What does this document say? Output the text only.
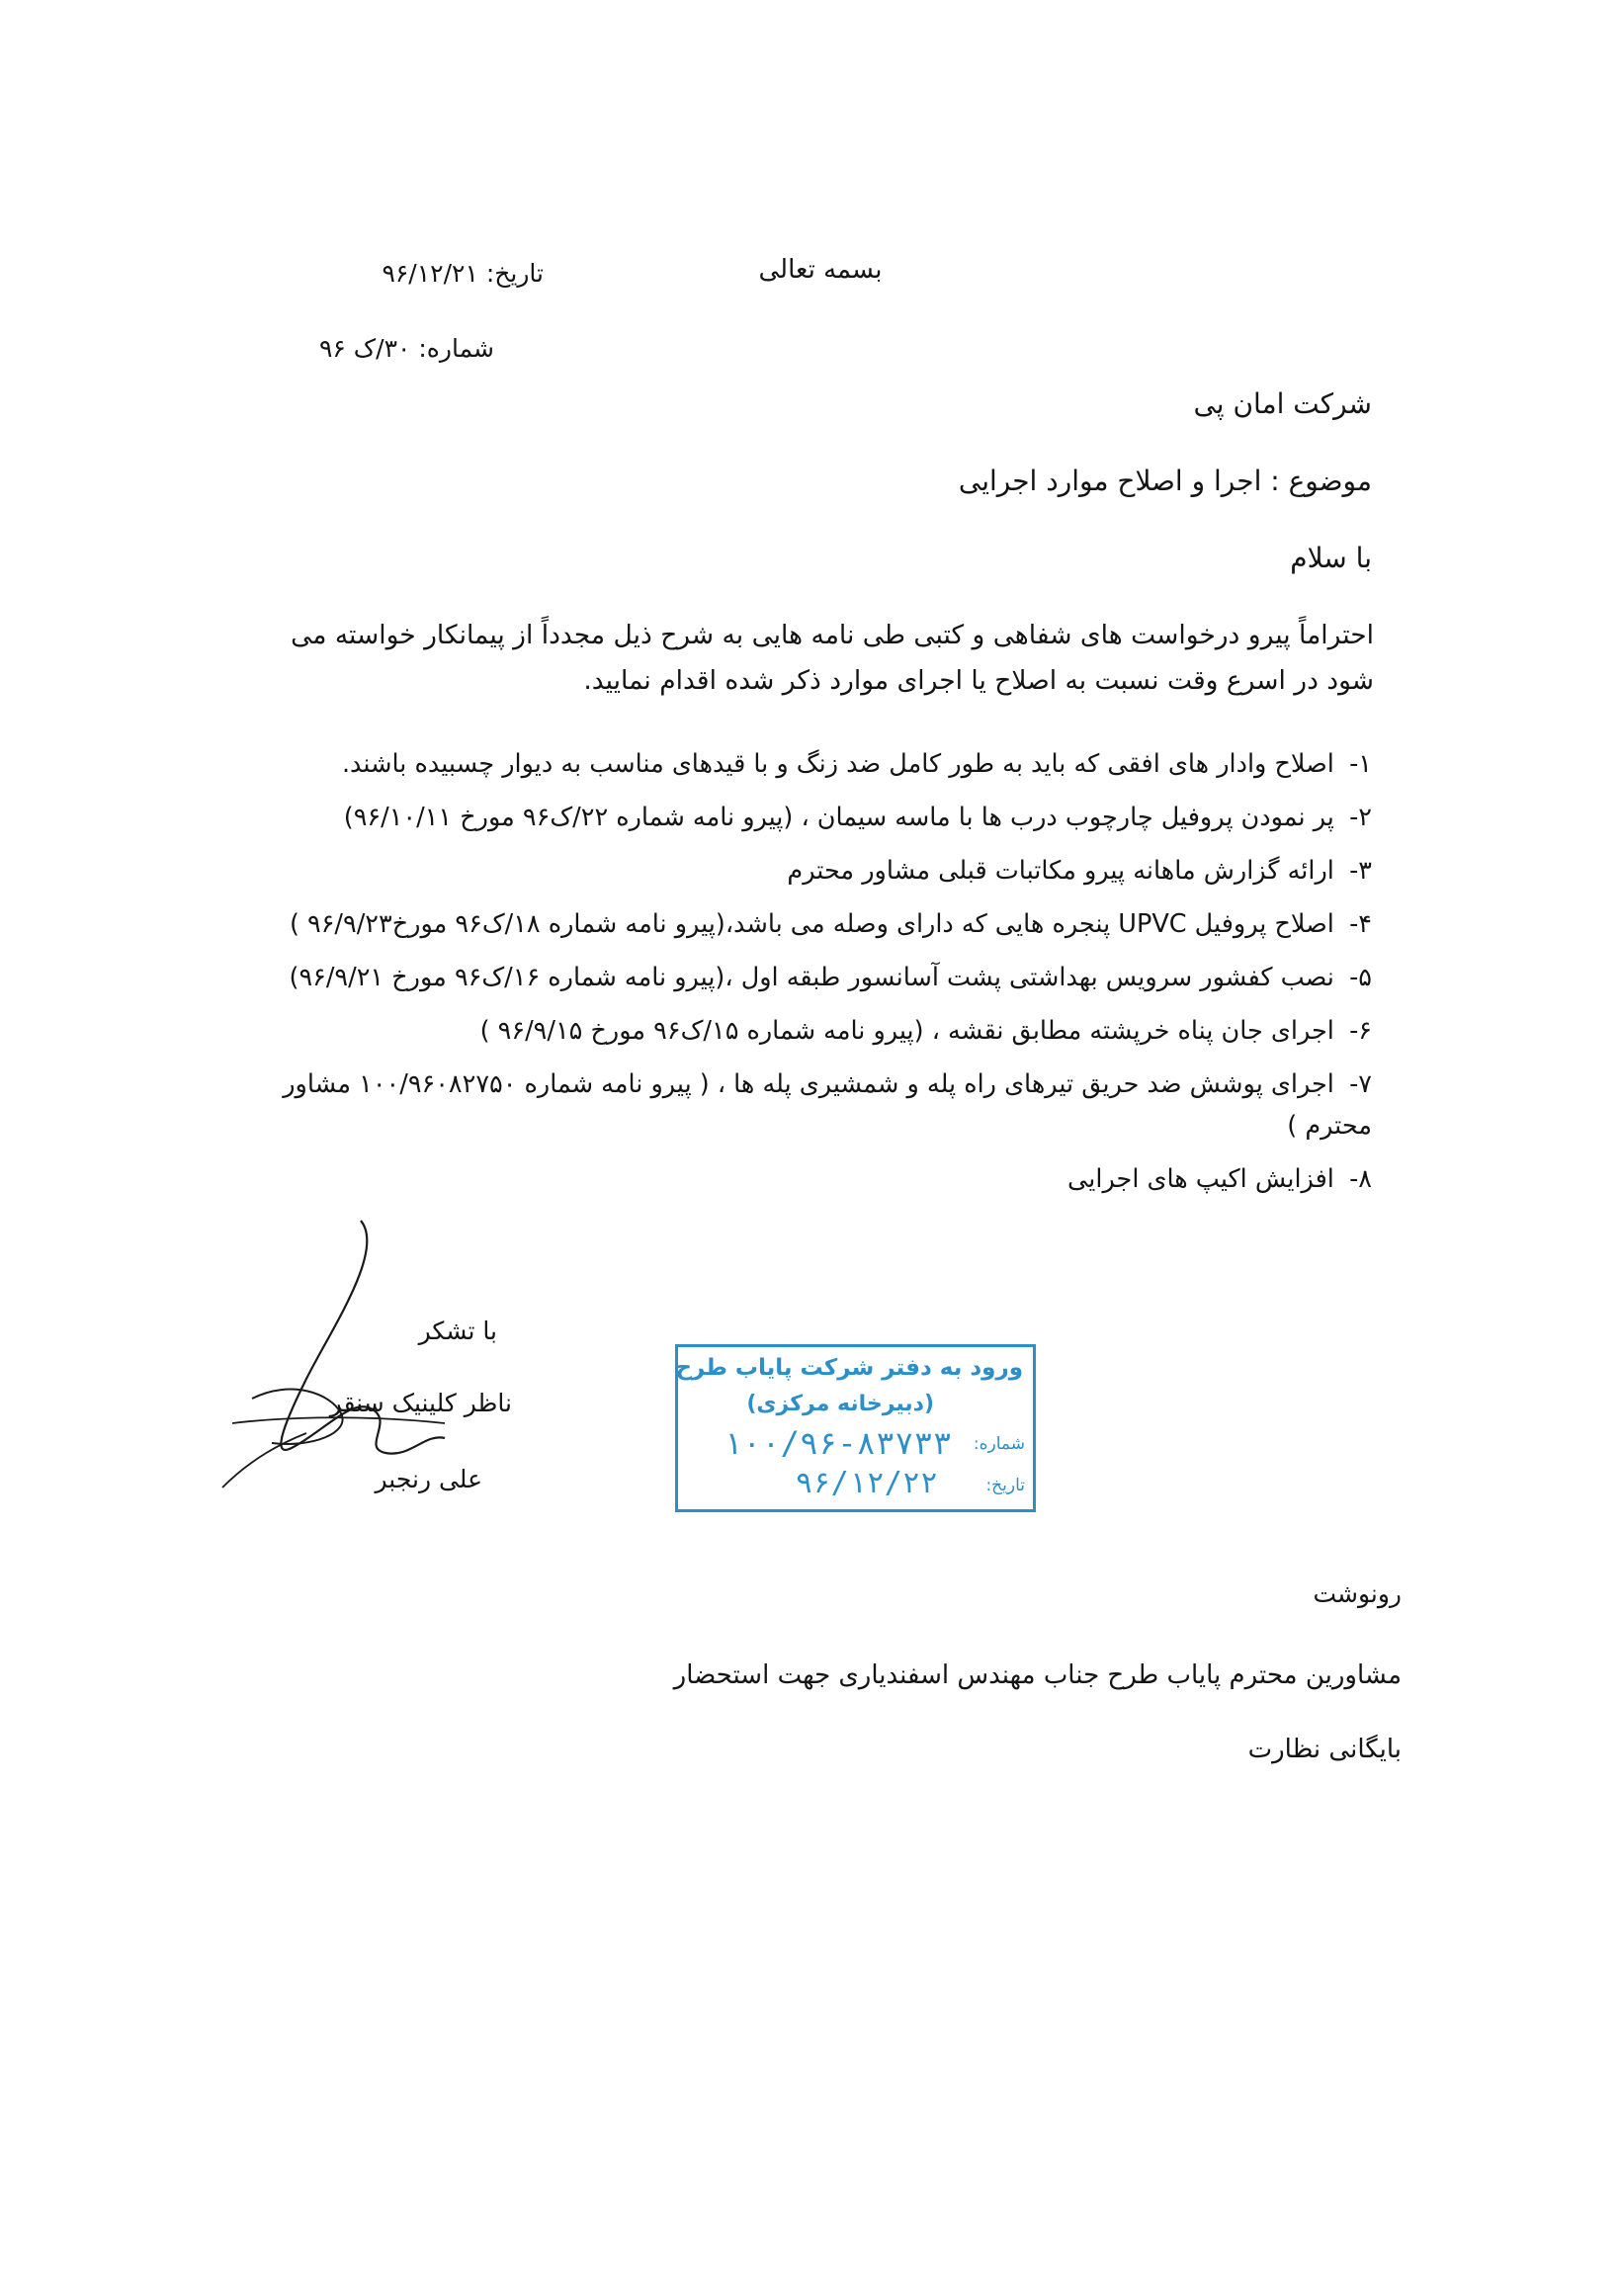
بسمه تعالی
تاریخ: ۹۶/۱۲/۲۱
شماره: ۳۰/ک ۹۶
شرکت امان پی
موضوع : اجرا و اصلاح موارد اجرایی
با سلام
احتراماً پیرو درخواست های شفاهی و کتبی طی نامه هایی به شرح ذیل مجدداً از پیمانکار خواسته می شود در اسرع وقت نسبت به اصلاح یا اجرای موارد ذکر شده اقدام نمایید.
۱- اصلاح وادار های افقی که باید به طور کامل ضد زنگ و با قیدهای مناسب به دیوار چسبیده باشند.
۲- پر نمودن پروفیل چارچوب درب ها با ماسه سیمان ، (پیرو نامه شماره ۲۲/ک۹۶ مورخ ۹۶/۱۰/۱۱)
۳- ارائه گزارش ماهانه پیرو مکاتبات قبلی مشاور محترم
۴- اصلاح پروفیل UPVC پنجره هایی که دارای وصله می باشد،(پیرو نامه شماره ۱۸/ک۹۶ مورخ۹۶/۹/۲۳ )
۵- نصب کفشور سرویس بهداشتی پشت آسانسور طبقه اول ،(پیرو نامه شماره ۱۶/ک۹۶ مورخ ۹۶/۹/۲۱)
۶- اجرای جان پناه خرپشته مطابق نقشه ، (پیرو نامه شماره ۱۵/ک۹۶ مورخ ۹۶/۹/۱۵ )
۷- اجرای پوشش ضد حریق تیرهای راه پله و شمشیری پله ها ، ( پیرو نامه شماره ۱۰۰/۹۶۰۸۲۷۵۰ مشاور محترم )
۸- افزایش اکیپ های اجرایی
با تشکر
ناظر کلینیک سنقر
علی رنجبر
ورود به دفتر شرکت پایاب طرح
(دبیرخانه مرکزی)
شماره:
۱۰۰/۹۶-۸۳۷۳۳
تاریخ:
۹۶/۱۲/۲۲
رونوشت
مشاورین محترم پایاب طرح جناب مهندس اسفندیاری جهت استحضار
بایگانی نظارت
